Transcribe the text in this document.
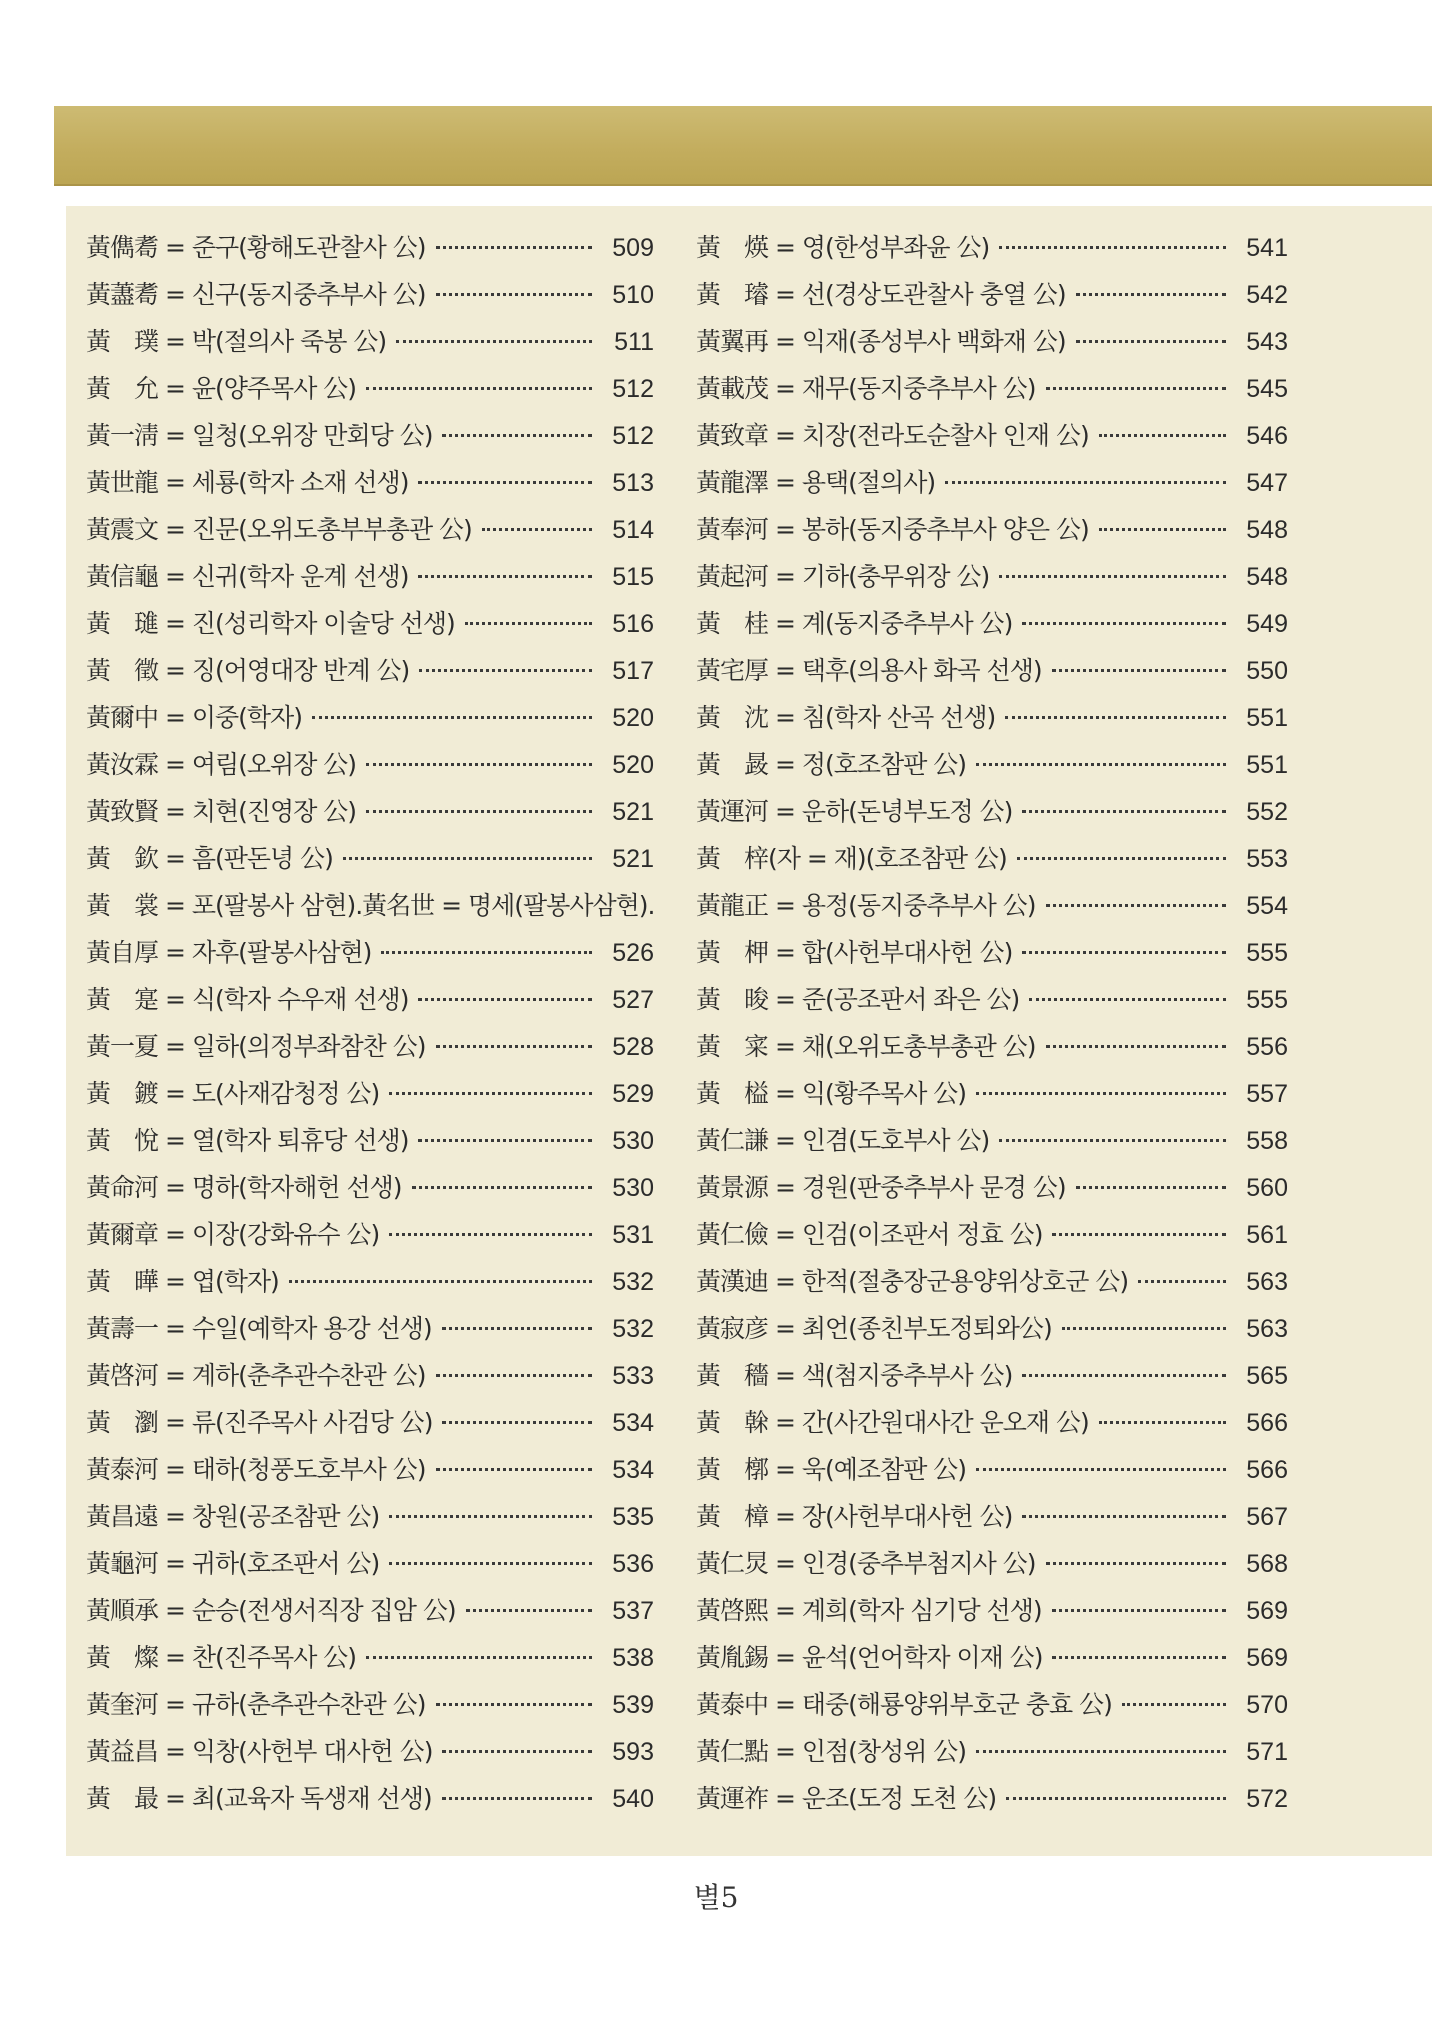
黃儁耈 = 준구(황해도관찰사 公)	509
黃藎耈 = 신구(동지중추부사 公)	510
黃　璞 = 박(절의사 죽봉 公)	511
黃　允 = 윤(양주목사 公)	512
黃一淸 = 일청(오위장 만회당 公)	512
黃世龍 = 세룡(학자 소재 선생)	513
黃震文 = 진문(오위도총부부총관 公)	514
黃信龜 = 신귀(학자 운계 선생)	515
黃　璡 = 진(성리학자 이술당 선생)	516
黃　徵 = 징(어영대장 반계 公)	517
黃爾中 = 이중(학자)	520
黃汝霖 = 여림(오위장 公)	520
黃致賢 = 치현(진영장 公)	521
黃　欽 = 흠(판돈녕 公)	521
黃　裳 = 포(팔봉사 삼현).黃名世 = 명세(팔봉사삼현).
黃自厚 = 자후(팔봉사삼현)	526
黃　寔 = 식(학자 수우재 선생)	527
黃一夏 = 일하(의정부좌참찬 公)	528
黃　鍍 = 도(사재감청정 公)	529
黃　悅 = 열(학자 퇴휴당 선생)	530
黃命河 = 명하(학자해헌 선생)	530
黃爾章 = 이장(강화유수 公)	531
黃　曄 = 엽(학자)	532
黃壽一 = 수일(예학자 용강 선생)	532
黃啓河 = 계하(춘추관수찬관 公)	533
黃　瀏 = 류(진주목사 사검당 公)	534
黃泰河 = 태하(청풍도호부사 公)	534
黃昌遠 = 창원(공조참판 公)	535
黃龜河 = 귀하(호조판서 公)	536
黃順承 = 순승(전생서직장 집암 公)	537
黃　燦 = 찬(진주목사 公)	538
黃奎河 = 규하(춘추관수찬관 公)	539
黃益昌 = 익창(사헌부 대사헌 公)	593
黃　最 = 최(교육자 독생재 선생)	540
黃　煐 = 영(한성부좌윤 公)	541
黃　璿 = 선(경상도관찰사 충열 公)	542
黃翼再 = 익재(종성부사 백화재 公)	543
黃載茂 = 재무(동지중추부사 公)	545
黃致章 = 치장(전라도순찰사 인재 公)	546
黃龍澤 = 용택(절의사)	547
黃奉河 = 봉하(동지중추부사 양은 公)	548
黃起河 = 기하(충무위장 公)	548
黃　桂 = 계(동지중추부사 公)	549
黃宅厚 = 택후(의용사 화곡 선생)	550
黃　沈 = 침(학자 산곡 선생)	551
黃　晸 = 정(호조참판 公)	551
黃運河 = 운하(돈녕부도정 公)	552
黃　梓(자 = 재)(호조참판 公)	553
黃龍正 = 용정(동지중추부사 公)	554
黃　柙 = 합(사헌부대사헌 公)	555
黃　晙 = 준(공조판서 좌은 公)	555
黃　寀 = 채(오위도총부총관 公)	556
黃　榏 = 익(황주목사 公)	557
黃仁謙 = 인겸(도호부사 公)	558
黃景源 = 경원(판중추부사 문경 公)	560
黃仁儉 = 인검(이조판서 정효 公)	561
黃漢迪 = 한적(절충장군용양위상호군 公)	563
黃寂彦 = 최언(종친부도정퇴와公)	563
黃　穡 = 색(첨지중추부사 公)	565
黃　榦 = 간(사간원대사간 운오재 公)	566
黃　槨 = 욱(예조참판 公)	566
黃　樟 = 장(사헌부대사헌 公)	567
黃仁炅 = 인경(중추부첨지사 公)	568
黃啓熙 = 계희(학자 심기당 선생)	569
黃胤錫 = 윤석(언어학자 이재 公)	569
黃泰中 = 태중(해룡양위부호군 충효 公)	570
黃仁點 = 인점(창성위 公)	571
黃運祚 = 운조(도정 도천 公)	572
별5
